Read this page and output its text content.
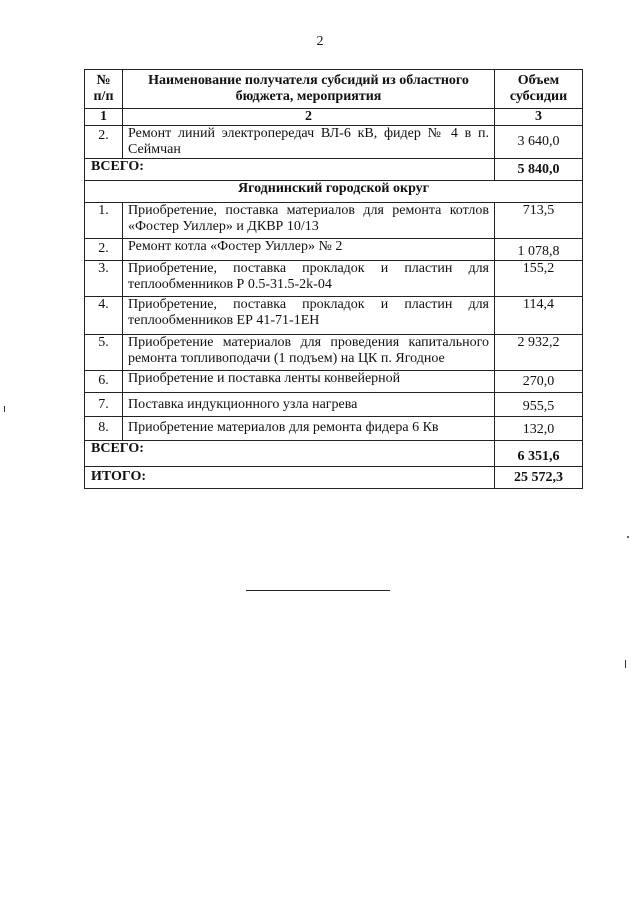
2
№ п/п	Наименование получателя субсидий из областного бюджета, мероприятия	Объем субсидии
1	2	3
2.	Ремонт линий электропередач ВЛ-6 кВ, фидер № 4 в п. Сеймчан	3 640,0
ВСЕГО:		5 840,0
Ягоднинский городской округ		
1.	Приобретение, поставка материалов для ремонта котлов «Фостер Уиллер» и ДКВР 10/13	713,5
2.	Ремонт котла «Фостер Уиллер» № 2	1 078,8
3.	Приобретение, поставка прокладок и пластин для теплообменников Р 0.5-31.5-2k-04	155,2
4.	Приобретение, поставка прокладок и пластин для теплообменников ЕР 41-71-1ЕН	114,4
5.	Приобретение материалов для проведения капитального ремонта топливоподачи (1 подъем) на ЦК п. Ягодное	2 932,2
6.	Приобретение и поставка ленты конвейерной	270,0
7.	Поставка индукционного узла нагрева	955,5
8.	Приобретение материалов для ремонта фидера 6 Кв	132,0
ВСЕГО:		6 351,6
ИТОГО:		25 572,3
